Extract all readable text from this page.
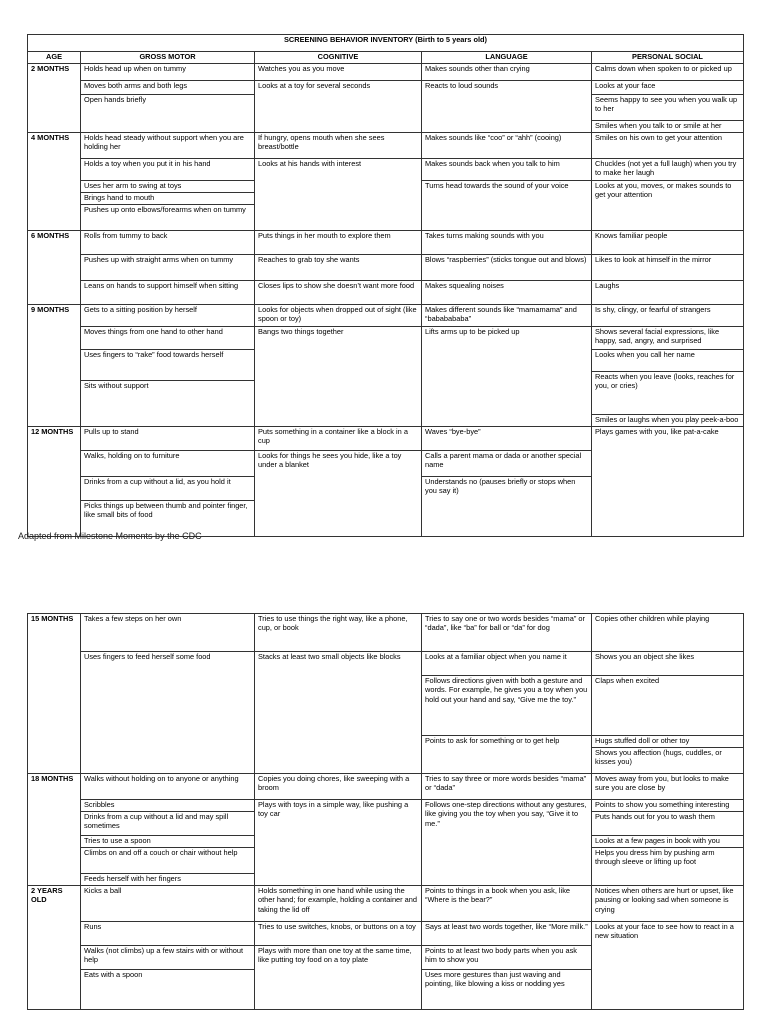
SCREENING BEHAVIOR INVENTORY (Birth to 5 years old)				
AGE	GROSS MOTOR	COGNITIVE	LANGUAGE	PERSONAL SOCIAL
2 MONTHS	Holds head up when on tummy	Watches you as you move	Makes sounds other than crying	Calms down when spoken to or picked up
	Moves both arms and both legs	Looks at a toy for several seconds	Reacts to loud sounds	Looks at your face
	Open hands briefly			Seems happy to see you when you walk up to her
				Smiles when you talk to or smile at her
4 MONTHS	Holds head steady without support when you are holding her	If hungry, opens mouth when she sees breast/bottle	Makes sounds like “coo” or “ahh” (cooing)	Smiles on his own to get your attention
	Holds a toy when you put it in his hand	Looks at his hands with interest	Makes sounds back when you talk to him	Chuckles (not yet a full laugh) when you try to make her laugh
	Uses her arm to swing at toys		Turns head towards the sound of your voice	Looks at you, moves, or makes sounds to get your attention
	Brings hand to mouth			
	Pushes up onto elbows/forearms when on tummy			
6 MONTHS	Rolls from tummy to back	Puts things in her mouth to explore them	Takes turns making sounds with you	Knows familiar people
	Pushes up with straight arms when on tummy	Reaches to grab toy she wants	Blows “raspberries” (sticks tongue out and blows)	Likes to look at himself in the mirror
	Leans on hands to support himself when sitting	Closes lips to show she doesn’t want more food	Makes squealing noises	Laughs
9 MONTHS	Gets to a sitting position by herself	Looks for objects when dropped out of sight (like spoon or toy)	Makes different sounds like “mamamama” and “bababababa”	Is shy, clingy, or fearful of strangers
	Moves things from one hand to other hand	Bangs two things together	Lifts arms up to be picked up	Shows several facial expressions, like happy, sad, angry, and surprised
	Uses fingers to “rake” food towards herself			Looks when you call her name
				Reacts when you leave (looks, reaches for you, or cries)
	Sits without support			
				Smiles or laughs when you play peek-a-boo
12 MONTHS	Pulls up to stand	Puts something in a container like a block in a cup	Waves “bye-bye”	Plays games with you, like pat-a-cake
	Walks, holding on to furniture	Looks for things he sees you hide, like a toy under a blanket	Calls a parent mama or dada or another special name	
	Drinks from a cup without a lid, as you hold it		Understands no (pauses briefly or stops when you say it)	
	Picks things up between thumb and pointer finger, like small bits of food			
Adapted from Milestone Moments by the CDC
15 MONTHS	Takes a few steps on her own	Tries to use things the right way, like a phone, cup, or book	Tries to say one or two words besides “mama” or “dada”, like “ba” for ball or “da” for dog	Copies other children while playing
	Uses fingers to feed herself some food	Stacks at least two small objects like blocks	Looks at a familiar object when you name it	Shows you an object she likes
			Follows directions given with both a gesture and words. For example, he gives you a toy when you hold out your hand and say, “Give me the toy.”	Claps when excited
			Points to ask for something or to get help	Hugs stuffed doll or other toy
				Shows you affection (hugs, cuddles, or kisses you)

18 MONTHS	Walks without holding on to anyone or anything	Copies you doing chores, like sweeping with a broom	Tries to say three or more words besides “mama” or “dada”	Moves away from you, but looks to make sure you are close by
	Scribbles	Plays with toys in a simple way, like pushing a toy car	Follows one-step directions without any gestures, like giving you the toy when you say, “Give it to me.”	Points to show you something interesting
	Drinks from a cup without a lid and may spill sometimes			Puts hands out for you to wash them
	Tries to use a spoon			Looks at a few pages in book with you
	Climbs on and off a couch or chair without help			Helps you dress him by pushing arm through sleeve or lifting up foot
	Feeds herself with her fingers			
2 YEARS OLD	Kicks a ball	Holds something in one hand while using the other hand; for example, holding a container and taking the lid off	Points to things in a book when you ask, like “Where is the bear?”	Notices when others are hurt or upset, like pausing or looking sad when someone is crying
	Runs	Tries to use switches, knobs, or buttons on a toy	Says at least two words together, like “More milk.”	Looks at your face to see how to react in a new situation
	Walks (not climbs) up a few stairs with or without help	Plays with more than one toy at the same time, like putting toy food on a toy plate	Points to at least two body parts when you ask him to show you	
	Eats with a spoon		Uses more gestures than just waving and pointing, like blowing a kiss or nodding yes	
